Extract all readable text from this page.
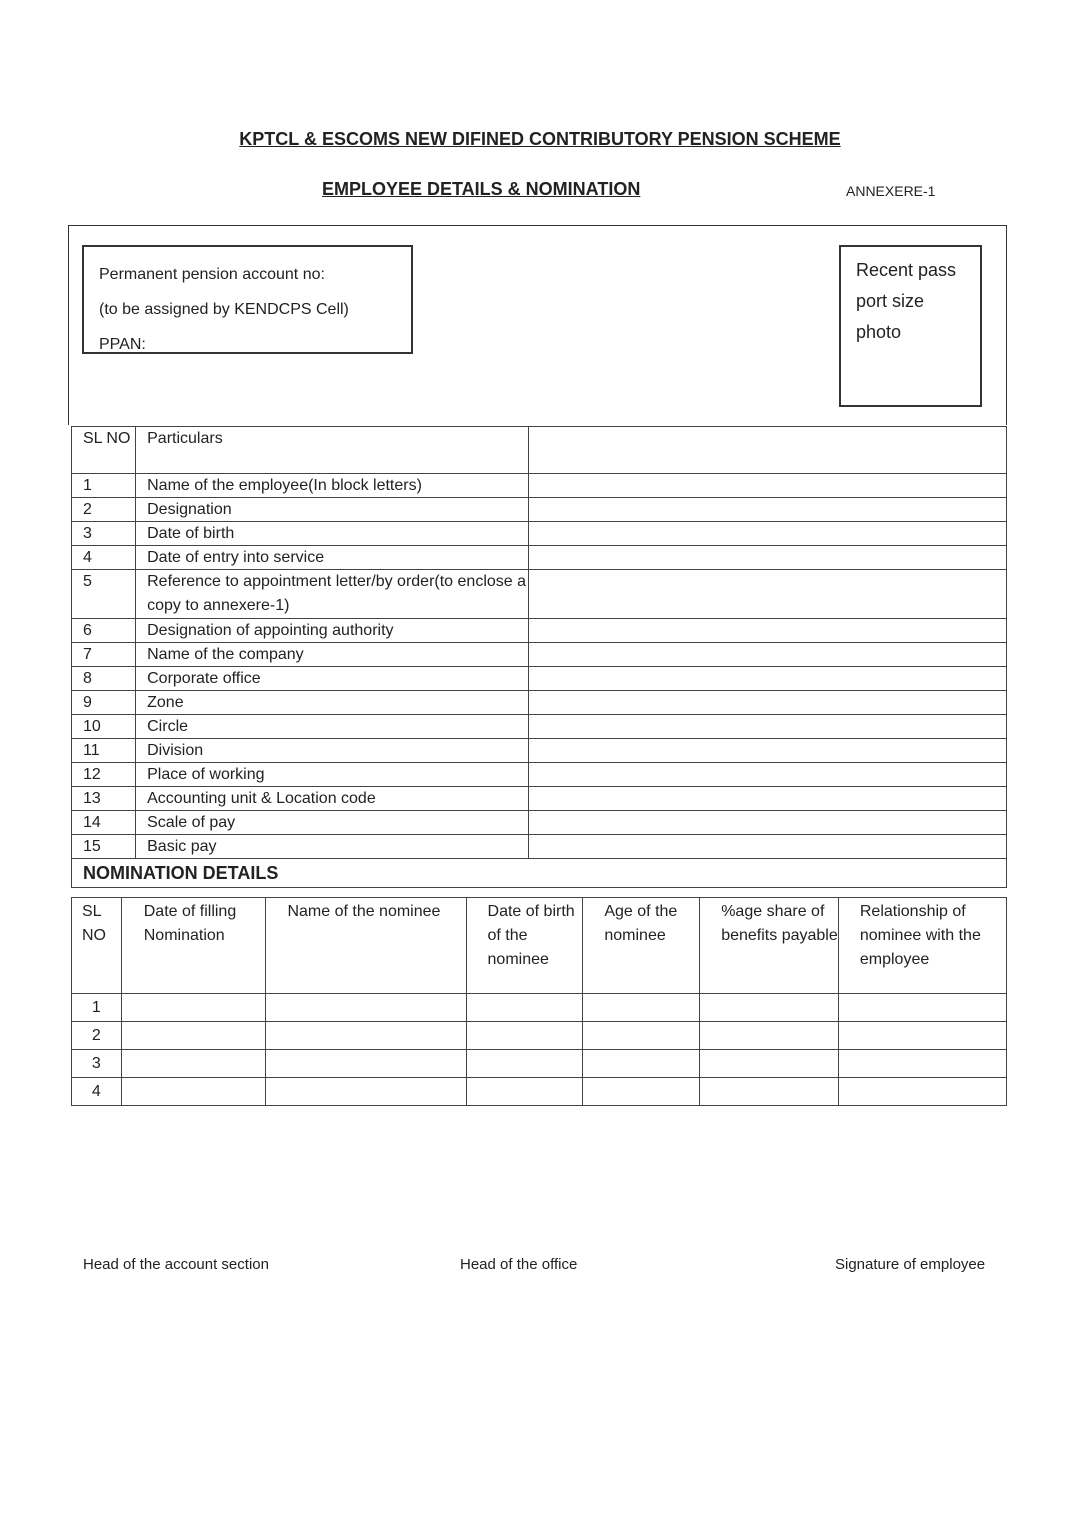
KPTCL & ESCOMS NEW DIFINED CONTRIBUTORY PENSION SCHEME
EMPLOYEE DETAILS & NOMINATION	ANNEXERE-1
Permanent pension account no:
(to be assigned by KENDCPS Cell)
PPAN:
Recent pass
port size
photo
SL NO	Particulars	
1	Name of the employee(In block letters)	
2	Designation	
3	Date of birth	
4	Date of entry into service	
5	Reference to appointment letter/by order(to enclose a copy to annexere-1)	
6	Designation of appointing authority	
7	Name of the company	
8	Corporate office	
9	Zone	
10	Circle	
11	Division	
12	Place of working	
13	Accounting unit & Location code	
14	Scale of pay	
15	Basic pay	
NOMINATION DETAILS		
SL NO	Date of filling Nomination	Name of the nominee	Date of birth of the nominee	Age of the nominee	%age share of benefits payable	Relationship of nominee with the employee
1						
2						
3						
4						
Head of the account section	Head of the office	Signature of employee
